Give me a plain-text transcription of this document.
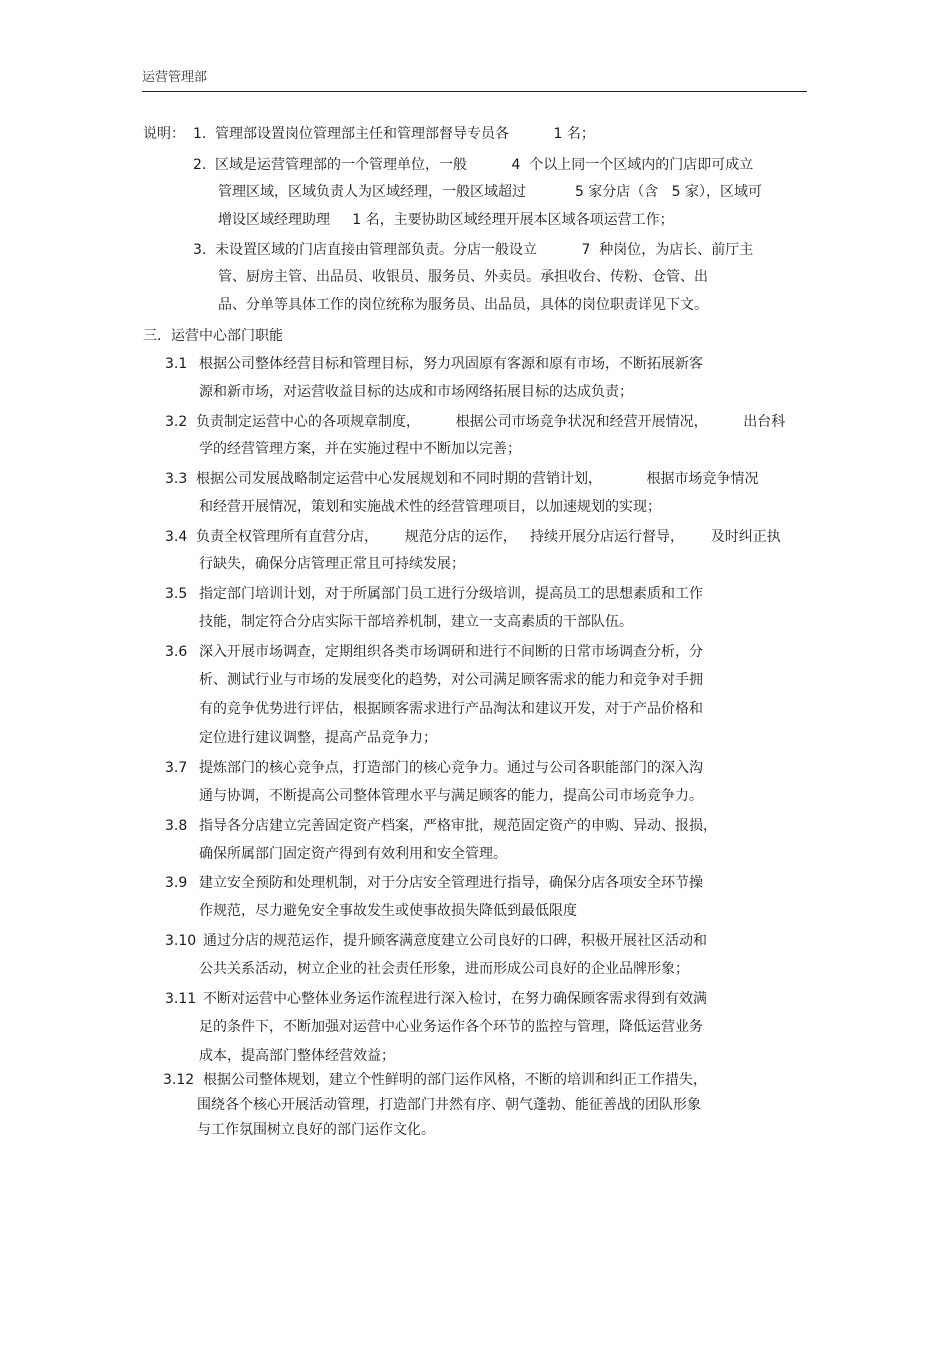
运营管理部
说明： 1. 管理部设置岗位管理部主任和管理部督导专员各          1 名；
2. 区域是运营管理部的一个管理单位，一般          4  个以上同一个区域内的门店即可成立
管理区域，区域负责人为区域经理，一般区域超过           5 家分店（含   5 家），区域可
增设区域经理助理     1 名，主要协助区域经理开展本区域各项运营工作；
3. 未设置区域的门店直接由管理部负责。分店一般设立          7  种岗位，为店长、前厅主
管、厨房主管、出品员、收银员、服务员、外卖员。承担收台、传粉、仓管、出
品、分单等具体工作的岗位统称为服务员、出品员，具体的岗位职责详见下文。
三．运营中心部门职能
3.1 根据公司整体经营目标和管理目标，努力巩固原有客源和原有市场，不断拓展新客
源和新市场，对运营收益目标的达成和市场网络拓展目标的达成负责；
3.2 负责制定运营中心的各项规章制度，        根据公司市场竞争状况和经营开展情况，        出台科
学的经营管理方案，并在实施过程中不断加以完善；
3.3 根据公司发展战略制定运营中心发展规划和不同时期的营销计划，          根据市场竞争情况
和经营开展情况，策划和实施战术性的经营管理项目，以加速规划的实现；
3.4 负责全权管理所有直营分店，      规范分店的运作，   持续开展分店运行督导，      及时纠正执
行缺失，确保分店管理正常且可持续发展；
3.5 指定部门培训计划，对于所属部门员工进行分级培训，提高员工的思想素质和工作
技能，制定符合分店实际干部培养机制，建立一支高素质的干部队伍。
3.6 深入开展市场调查，定期组织各类市场调研和进行不间断的日常市场调查分析，分
析、测试行业与市场的发展变化的趋势，对公司满足顾客需求的能力和竞争对手拥
有的竞争优势进行评估，根据顾客需求进行产品淘汰和建议开发，对于产品价格和
定位进行建议调整，提高产品竞争力；
3.7 提炼部门的核心竞争点，打造部门的核心竞争力。通过与公司各职能部门的深入沟
通与协调，不断提高公司整体管理水平与满足顾客的能力，提高公司市场竞争力。
3.8 指导各分店建立完善固定资产档案，严格审批，规范固定资产的申购、异动、报损，
确保所属部门固定资产得到有效利用和安全管理。
3.9 建立安全预防和处理机制，对于分店安全管理进行指导，确保分店各项安全环节操
作规范，尽力避免安全事故发生或使事故损失降低到最低限度
3.10 通过分店的规范运作，提升顾客满意度建立公司良好的口碑，积极开展社区活动和
公共关系活动，树立企业的社会责任形象，进而形成公司良好的企业品牌形象；
3.11 不断对运营中心整体业务运作流程进行深入检讨，在努力确保顾客需求得到有效满
足的条件下，不断加强对运营中心业务运作各个环节的监控与管理，降低运营业务
成本，提高部门整体经营效益；
3.12 根据公司整体规划，建立个性鲜明的部门运作风格，不断的培训和纠正工作措失，
围绕各个核心开展活动管理，打造部门井然有序、朝气蓬勃、能征善战的团队形象
与工作氛围树立良好的部门运作文化。
